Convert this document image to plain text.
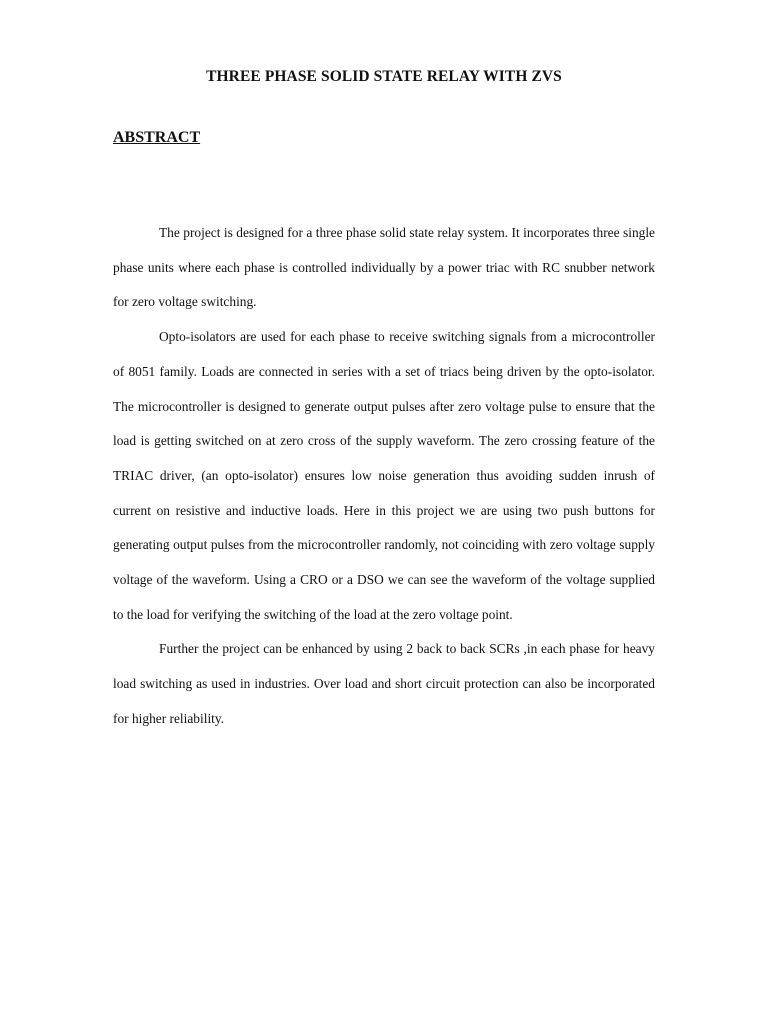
THREE PHASE SOLID STATE RELAY WITH ZVS
ABSTRACT

The project is designed for a three phase solid state relay system. It incorporates three single phase units where each phase is controlled individually by a power triac with RC snubber network for zero voltage switching.

Opto-isolators are used for each phase to receive switching signals from a microcontroller of 8051 family. Loads are connected in series with a set of triacs being driven by the opto-isolator. The microcontroller is designed to generate output pulses after zero voltage pulse to ensure that the load is getting switched on at zero cross of the supply waveform. The zero crossing feature of the TRIAC driver, (an opto-isolator) ensures low noise generation thus avoiding sudden inrush of current on resistive and inductive loads. Here in this project we are using two push buttons for generating output pulses from the microcontroller randomly, not coinciding with zero voltage supply voltage of the waveform. Using a CRO or a DSO we can see the waveform of the voltage supplied to the load for verifying the switching of the load at the zero voltage point.

Further the project can be enhanced by using 2 back to back SCRs ,in each phase for heavy load switching as used in industries. Over load and short circuit protection can also be incorporated for higher reliability.
